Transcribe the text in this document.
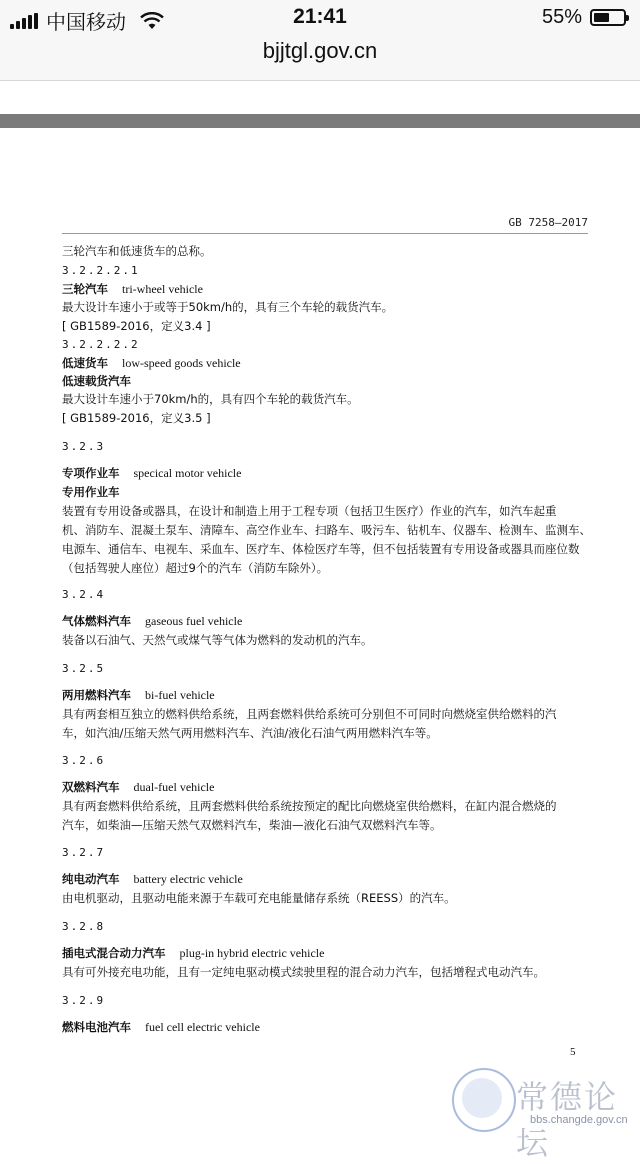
中国移动	21:41	55%
bjjtgl.gov.cn
GB 7258—2017
三轮汽车和低速货车的总称。
3.2.2.2.1
三轮汽车 tri-wheel vehicle
最大设计车速小于或等于50km/h的，具有三个车轮的载货汽车。
[ GB1589-2016，定义3.4 ]
3.2.2.2.2
低速货车 low-speed goods vehicle
低速载货汽车
最大设计车速小于70km/h的，具有四个车轮的载货汽车。
[ GB1589-2016，定义3.5 ]
3.2.3
专项作业车 specical motor vehicle
专用作业车
装置有专用设备或器具，在设计和制造上用于工程专项（包括卫生医疗）作业的汽车，如汽车起重
机、消防车、混凝土泵车、清障车、高空作业车、扫路车、吸污车、钻机车、仪器车、检测车、监测车、
电源车、通信车、电视车、采血车、医疗车、体检医疗车等，但不包括装置有专用设备或器具而座位数
（包括驾驶人座位）超过9个的汽车（消防车除外）。
3.2.4
气体燃料汽车 gaseous fuel vehicle
装备以石油气、天然气或煤气等气体为燃料的发动机的汽车。
3.2.5
两用燃料汽车 bi-fuel vehicle
具有两套相互独立的燃料供给系统，且两套燃料供给系统可分别但不可同时向燃烧室供给燃料的汽
车，如汽油/压缩天然气两用燃料汽车、汽油/液化石油气两用燃料汽车等。
3.2.6
双燃料汽车 dual-fuel vehicle
具有两套燃料供给系统，且两套燃料供给系统按预定的配比向燃烧室供给燃料，在缸内混合燃烧的
汽车，如柴油—压缩天然气双燃料汽车，柴油—液化石油气双燃料汽车等。
3.2.7
纯电动汽车 battery electric vehicle
由电机驱动，且驱动电能来源于车载可充电能量储存系统（REESS）的汽车。
3.2.8
插电式混合动力汽车 plug-in hybrid electric vehicle
具有可外接充电功能，且有一定纯电驱动模式续驶里程的混合动力汽车，包括增程式电动汽车。
3.2.9
燃料电池汽车 fuel cell electric vehicle
5
常德论坛
bbs.changde.gov.cn
